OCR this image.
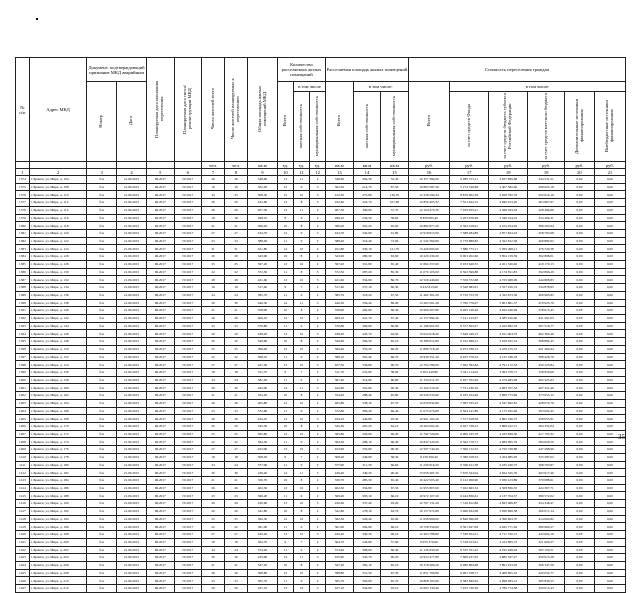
№
п/п	Адрес МКД	Документ, подтверждающий признание МКД аварийным		Планируемая дата окончания переселения	Планируемая дата сноса/реконструкции МКД	Число жителей всего	Число жителей планируемых к переселению	Общая площадь жилых помещений МКД	Количество расселяемых жилых помещений			Расселяемая площадь жилых помещений			Стоимость переселения граждан					
		Номер	Дата						Всего	в том числе		Всего	в том числе:		Всего	в том числе:				
										частная собственность	муниципальная собственность		частная собственность	муниципальная собственность		за счет средств Фонда	за счет средств бюджета субъекта Российской Федерации	за счет средств местного бюджета	Дополнительные источники финансирования	Внебюджетные источники финансирования
						чел.	чел.	кв.м	ед.	ед.	ед.	кв.м	кв.м	кв.м	руб.	руб.	руб.	руб.	руб.	руб.
1	2	3	4	5	6	7	8	9	10	11	12	13	14	15	16	17	18	19	20	21
1374	г. Брянск, ул. Мира, д. 104	б/н	21.09.2015	III.2017	IV.2017	26	26	348,60	13	11	2	348,60	294,30	54,30	10 357 384,00	6 085 153,11	3 927 699,68	344 531,21	0,00	0,00
1375	г. Брянск, ул. Мира, д. 108	б/н	21.09.2015	III.2017	IV.2017	19	19	302,20	12	9	3	302,20	214,70	87,50	10 865 587,26	5 274 749,68	3 407 582,40	299 005,18	0,00	0,00
1376	г. Брянск, ул. Мира, д. 110	б/н	21.09.2015	III.2017	IV.2017	33	33	508,50	15	10	5	412,50	275,80	136,70	12 258 299,34	8 876 902,39	5 658 782,79	502 614,16	0,00	0,00
1377	г. Брянск, ул. Мира, д. 112	б/н	21.09.2015	III.2017	IV.2017	29	29	432,60	13	8	5	432,60	324,70	107,90	12 856 405,32	7 551 624,15	4 840 913,20	463 867,97	0,00	0,00
1378	г. Брянск, ул. Мира, д. 114	б/н	21.09.2015	III.2017	IV.2017	26	26	407,30	13	11	2	407,30	349,60	57,70	12 104 475,30	7 109 955,21	4 566 023,43	428 496,66	0,00	0,00
1379	г. Брянск, ул. Мира, д. 116	б/н	21.09.2015	III.2017	IV.2017	18	18	298,10	8	6	2	298,10	239,50	58,60	8 859 085,40	5 203 676,99	3 340 914,10	314 494,31	0,00	0,00
1380	г. Брянск, ул. Мира, д. 118	б/н	21.09.2015	III.2017	IV.2017	21	21	366,20	10	8	2	366,20	301,20	65,00	10 882 877,20	6 392 418,91	4 104 254,65	386 203,64	0,00	0,00
1381	г. Брянск, ул. Мира, д. 120	б/н	21.09.2015	III.2017	IV.2017	27	27	434,70	12	9	3	434,70	342,90	91,80	12 918 813,00	7 588 284,89	4 871 824,43	458 703,68	0,00	0,00
1382	г. Брянск, ул. Мира, д. 122	б/н	21.09.2015	III.2017	IV.2017	23	23	388,40	11	9	2	388,40	316,40	72,00	11 542 584,80	6 779 889,82	4 352 812,36	409 882,62	0,00	0,00
1383	г. Брянск, ул. Мира, д. 124	б/н	21.09.2015	III.2017	IV.2017	31	31	451,80	14	10	4	451,80	330,10	121,70	13 426 993,60	7 886 775,11	5 063 498,11	476 720,38	0,00	0,00
1384	г. Брянск, ул. Мира, д. 126	б/н	21.09.2015	III.2017	IV.2017	20	20	343,90	10	8	2	343,90	280,30	63,60	10 220 230,20	6 003 202,60	3 854 159,59	362 868,01	0,00	0,00
1385	г. Брянск, ул. Мира, д. 128	б/н	21.09.2015	III.2017	IV.2017	25	25	397,20	12	10	2	397,20	331,80	65,40	11 804 337,60	6 933 640,55	4 451 526,92	419 170,13	0,00	0,00
1386	г. Брянск, ул. Мира, д. 130	б/н	21.09.2015	III.2017	IV.2017	22	22	372,50	11	8	3	372,50	287,20	85,30	11 070 105,00	6 502 396,88	4 174 811,83	392 896,29	0,00	0,00
1387	г. Брянск, ул. Мира, д. 132	б/н	21.09.2015	III.2017	IV.2017	28	28	421,60	13	10	3	421,60	334,90	86,70	12 529 449,60	7 359 572,68	4 725 068,09	444 808,83	0,00	0,00
1388	г. Брянск, ул. Мира, д. 134	б/н	21.09.2015	III.2017	IV.2017	19	19	317,40	9	7	2	317,40	257,10	60,30	9 432 813,60	5 540 683,91	3 557 250,74	334 878,95	0,00	0,00
1389	г. Брянск, ул. Мира, д. 136	б/н	21.09.2015	III.2017	IV.2017	24	24	385,70	11	9	2	385,70	318,20	67,50	11 462 391,20	6 732 753,76	4 322 673,59	406 963,85	0,00	0,00
1390	г. Брянск, ул. Мира, д. 138	б/н	21.09.2015	III.2017	IV.2017	30	30	446,30	14	11	3	446,30	356,40	89,90	13 263 561,20	7 790 776,07	5 001 861,37	470 923,76	0,00	0,00
1391	г. Брянск, ул. Мира, д. 140	б/н	21.09.2015	III.2017	IV.2017	21	21	358,90	10	8	2	358,90	292,60	66,30	10 666 207,80	6 265 146,26	4 022 446,09	378 615,45	0,00	0,00
1392	г. Брянск, ул. Мира, д. 142	б/н	21.09.2015	III.2017	IV.2017	26	26	409,10	12	10	2	409,10	341,70	67,40	12 157 984,40	7 141 412,97	4 585 010,40	431 561,03	0,00	0,00
1393	г. Брянск, ул. Мира, д. 144	б/н	21.09.2015	III.2017	IV.2017	23	23	376,80	11	9	2	376,80	309,90	66,90	11 198 001,60	6 577 502,07	4 222 982,76	397 516,77	0,00	0,00
1394	г. Брянск, ул. Мира, д. 146	б/н	21.09.2015	III.2017	IV.2017	29	29	438,20	13	10	3	438,20	343,70	94,50	13 022 618,40	7 649 249,15	4 911 004,79	462 364,46	0,00	0,00
1395	г. Брянск, ул. Мира, д. 148	б/н	21.09.2015	III.2017	IV.2017	20	20	349,60	10	8	2	349,60	284,50	65,10	10 389 612,80	6 102 696,21	3 918 032,14	368 884,45	0,00	0,00
1396	г. Брянск, ул. Мира, д. 150	б/н	21.09.2015	III.2017	IV.2017	25	25	399,40	12	10	2	399,40	333,20	66,20	11 869 718,40	6 972 038,15	4 476 215,31	421 464,94	0,00	0,00
1397	г. Брянск, ул. Мира, д. 152	б/н	21.09.2015	III.2017	IV.2017	22	22	368,10	11	9	2	368,10	301,40	66,70	10 939 351,20	6 425 576,32	4 125 348,18	388 426,70	0,00	0,00
1398	г. Брянск, ул. Мира, д. 154	б/н	21.09.2015	III.2017	IV.2017	27	27	427,50	13	10	3	427,50	336,80	90,70	12 704 789,00	7 462 592,84	4 791 172,32	450 223,84	0,00	0,00
1399	г. Брянск, ул. Мира, д. 156	б/н	21.09.2015	III.2017	IV.2017	18	18	311,70	9	7	2	311,70	252,80	58,90	9 263 440,80	5 441 114,03	3 493 376,71	328 950,06	0,00	0,00
1400	г. Брянск, ул. Мира, д. 158	б/н	21.09.2015	III.2017	IV.2017	24	24	381,40	11	9	2	381,40	314,60	66,80	11 334 611,20	6 657 702,29	4 274 483,28	402 425,63	0,00	0,00
1401	г. Брянск, ул. Мира, д. 160	б/н	21.09.2015	III.2017	IV.2017	30	30	442,90	14	11	3	442,90	352,60	90,30	13 162 519,20	7 731 430,19	4 963 767,52	467 321,49	0,00	0,00
1402	г. Брянск, ул. Мира, д. 162	б/н	21.09.2015	III.2017	IV.2017	21	21	354,20	10	8	2	354,20	288,40	65,80	10 526 533,60	6 183 104,49	3 969 773,99	373 655,12	0,00	0,00
1403	г. Брянск, ул. Мира, д. 164	б/н	21.09.2015	III.2017	IV.2017	26	26	405,80	12	10	2	405,80	338,10	67,70	12 059 832,80	7 083 765,23	4 547 992,81	428 074,76	0,00	0,00
1404	г. Брянск, ул. Мира, д. 166	б/н	21.09.2015	III.2017	IV.2017	23	23	372,60	11	9	2	372,60	306,20	66,40	11 073 076,80	6 504 141,89	4 175 932,46	393 002,45	0,00	0,00
1405	г. Брянск, ул. Мира, д. 168	б/н	21.09.2015	III.2017	IV.2017	29	29	434,10	13	10	3	434,10	340,80	93,30	12 901 165,20	7 577 918,56	4 865 190,73	458 055,91	0,00	0,00
1406	г. Брянск, ул. Мира, д. 170	б/н	21.09.2015	III.2017	IV.2017	20	20	345,30	10	8	2	345,30	281,20	64,10	10 262 002,40	6 027 738,21	3 869 912,15	364 352,04	0,00	0,00
1407	г. Брянск, ул. Мира, д. 172	б/н	21.09.2015	III.2017	IV.2017	25	25	395,80	12	10	2	395,80	329,60	66,20	11 762 729,60	6 909 195,78	4 435 828,50	417 705,32	0,00	0,00
1408	г. Брянск, ул. Мира, д. 174	б/н	21.09.2015	III.2017	IV.2017	22	22	364,50	11	9	2	364,50	298,10	66,40	10 832 345,00	6 362 719,71	4 084 995,79	384 629,50	0,00	0,00
1409	г. Брянск, ул. Мира, д. 176	б/н	21.09.2015	III.2017	IV.2017	27	27	423,90	13	10	3	423,90	333,60	90,30	12 597 740,40	7 399 712,55	4 750 728,89	447 298,96	0,00	0,00
1410	г. Брянск, ул. Мира, д. 178	б/н	21.09.2015	III.2017	IV.2017	18	18	308,20	9	7	2	308,20	249,90	58,30	9 159 390,40	5 380 018,33	3 454 085,05	325 287,02	0,00	0,00
1411	г. Брянск, ул. Мира, д. 180	б/н	21.09.2015	III.2017	IV.2017	24	24	377,90	11	9	2	377,90	311,30	66,60	11 230 616,20	6 596 611,58	4 235 240,75	398 763,87	0,00	0,00
1412	г. Брянск, ул. Мира, д. 182	б/н	21.09.2015	III.2017	IV.2017	30	30	439,40	14	11	3	439,40	349,20	90,20	13 058 487,20	7 670 324,04	4 924 545,76	463 617,40	0,00	0,00
1413	г. Брянск, ул. Мира, д. 184	б/н	21.09.2015	III.2017	IV.2017	21	21	350,70	10	8	2	350,70	285,30	65,40	10 422 503,40	6 122 000,90	3 930 413,89	370 088,61	0,00	0,00
1414	г. Брянск, ул. Мира, д. 186	б/н	21.09.2015	III.2017	IV.2017	26	26	402,30	12	10	2	402,30	334,80	67,50	11 955 807,60	7 022 663,34	4 508 836,55	424 307,71	0,00	0,00
1415	г. Брянск, ул. Мира, д. 188	б/н	21.09.2015	III.2017	IV.2017	23	23	369,20	11	9	2	369,20	303,10	66,10	10 972 107,20	6 444 830,61	4 137 704,57	389 572,02	0,00	0,00
1416	г. Брянск, ул. Мира, д. 190	б/н	21.09.2015	III.2017	IV.2017	29	29	430,60	13	10	3	430,60	337,40	93,20	12 797 131,20	7 516 812,86	4 825 969,87	454 348,47	0,00	0,00
1417	г. Брянск, ул. Мира, д. 192	б/н	21.09.2015	III.2017	IV.2017	20	20	341,80	10	8	2	341,80	278,10	63,70	10 157 972,80	5 966 632,08	3 830 669,58	360 671,14	0,00	0,00
1418	г. Брянск, ул. Мира, д. 194	б/н	21.09.2015	III.2017	IV.2017	25	25	392,30	12	10	2	392,30	326,40	65,90	11 658 699,60	6 848 090,08	4 396 604,70	414 004,82	0,00	0,00
1419	г. Брянск, ул. Мира, д. 196	б/н	21.09.2015	III.2017	IV.2017	22	22	361,00	11	9	2	361,00	294,90	66,10	10 728 359,00	6 301 627,09	4 045 771,64	380 960,27	0,00	0,00
1420	г. Брянск, ул. Мира, д. 198	б/н	21.09.2015	III.2017	IV.2017	27	27	420,40	13	10	3	420,40	330,30	90,10	12 493 788,80	7 338 654,51	4 711 530,13	443 604,16	0,00	0,00
1421	г. Брянск, ул. Мира, д. 200	б/н	21.09.2015	III.2017	IV.2017	18	18	304,70	9	7	2	304,70	246,80	57,90	9 055 379,60	5 318 913,61	3 414 865,72	321 600,27	0,00	0,00
1422	г. Брянск, ул. Мира, д. 202	б/н	21.09.2015	III.2017	IV.2017	24	24	374,40	11	9	2	374,40	308,00	66,40	11 126 630,40	6 535 531,45	4 195 948,44	395 150,51	0,00	0,00
1423	г. Брянск, ул. Мира, д. 204	б/н	21.09.2015	III.2017	IV.2017	30	30	435,90	14	11	3	435,90	345,70	90,20	12 954 477,80	7 609 237,05	4 885 327,47	459 913,28	0,00	0,00
1424	г. Брянск, ул. Мира, д. 206	б/н	21.09.2015	III.2017	IV.2017	21	21	347,20	10	8	2	347,20	282,10	65,10	10 318 466,20	6 060 894,68	3 891 223,93	366 347,59	0,00	0,00
1425	г. Брянск, ул. Мира, д. 208	б/н	21.09.2015	III.2017	IV.2017	26	26	398,80	12	10	2	398,80	331,50	67,30	11 851 796,80	6 961 558,71	4 469 605,32	420 632,77	0,00	0,00
1426	г. Брянск, ул. Мира, д. 210	б/н	21.09.2015	III.2017	IV.2017	23	23	365,70	11	9	2	365,70	300,00	65,70	10 868 163,60	6 383 840,92	4 098 483,13	385 839,55	0,00	0,00
1427	г. Брянск, ул. Мира, д. 212	б/н	21.09.2015	III.2017	IV.2017	29	29	427,10	13	10	3	427,10	334,00	93,10	12 693 130,40	7 455 740,39	4 786 774,58	450 615,43	0,00	0,00
35
